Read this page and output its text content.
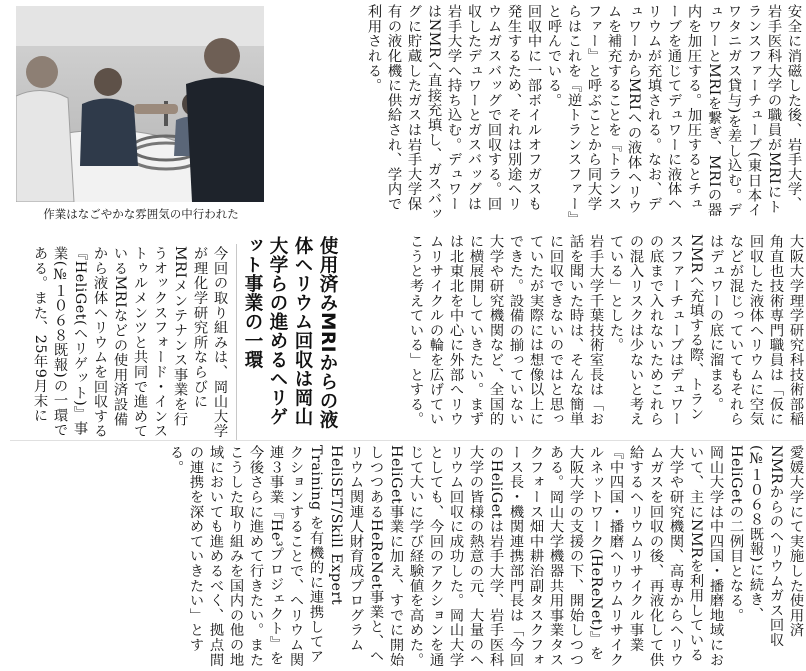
安全に消磁した後、岩手大学、岩手医科大学の職員がMRIにトランスファーチューブ(東日本イワタニガス貸与)を差し込む。デュワーとMRIを繋ぎ、MRIの器内を加圧する。加圧するとチューブを通じてデュワーに液体ヘリウムが充填される。なお、デュワーからMRIへの液体ヘリウムを補充することを『トランスファー』と呼ぶことから同大学らはこれを『逆トランスファー』と呼んでいる。
回収中に一部ボイルオフガスも発生するため、それは別途ヘリウムガスバッグで回収する。回収したデュワーとガスバッグは岩手大学へ持ち込む。デュワーはNMRへ直接充填し、ガスバッグに貯蔵したガスは岩手大学保有の液化機に供給され、学内で利用される。

作業はなごやかな雰囲気の中行われた

大阪大学理学研究科技術部稲角直也技術専門職員は「仮に回収した液体ヘリウムに空気などが混じっていてもそれらはデュワーの底に溜まる。NMRへ充填する際、トランスファーチューブはデュワーの底まで入れないためこれらの混入リスクは少ないと考えている」とした。
岩手大学千葉技術室長は「お話を聞いた時は、そんな簡単に回収できないのではと思っていたが実際には想像以上にできた。設備の揃っていない大学や研究機関など、全国的に横展開していきたい。まずは北東北を中心に外部へリウムリサイクルの輪を広げていこうと考えている」とする。

使用済みMRIからの液体ヘリウム回収は岡山大学らの進めるヘリゲット事業の一環

今回の取り組みは、岡山大学が理化学研究所ならびにMRIメンテナンス事業を行うオックスフォード・インストゥルメンツと共同で進めているMRIなどの使用済設備から液体ヘリウムを回収する『HeliGet(ヘリゲット)』事業(№１０６８既報)の一環である。また、25年9月末に

愛媛大学にて実施した使用済NMRからのヘリウムガス回収(№１０６８既報)に続き、HeliGetの二例目となる。
岡山大学は中四国・播磨地域において、主にNMRを利用している大学や研究機関、高専からヘリウムガスを回収の後、再液化して供給するヘリウムリサイクル事業『中四国・播磨ヘリウムリサイクルネットワーク(HeReNet)』を大阪大学の支援の下、開始しつつある。岡山大学機器共用事業タスクフォース畑中耕治副タスクフォース長・機関連携部門長は「今回のHeliGetは岩手大学、岩手医科大学の皆様の熱意の元、大量のヘリウム回収に成功した。岡山大学としても、今回のアクションを通じて大いに学び経験値を高めた。HeliGet事業に加え、すでに開始しつつあるHeReNet事業と、ヘリウム関連人財育成プログラムHeliSET/Skill Expert Training を有機的に連携してアクションすることで、ヘリウム関連３事業『He³プロジェクト』を今後さらに進めて行きたい。またこうした取り組みを国内の他の地域においても進めるべく、拠点間の連携を深めていきたい」とする。
